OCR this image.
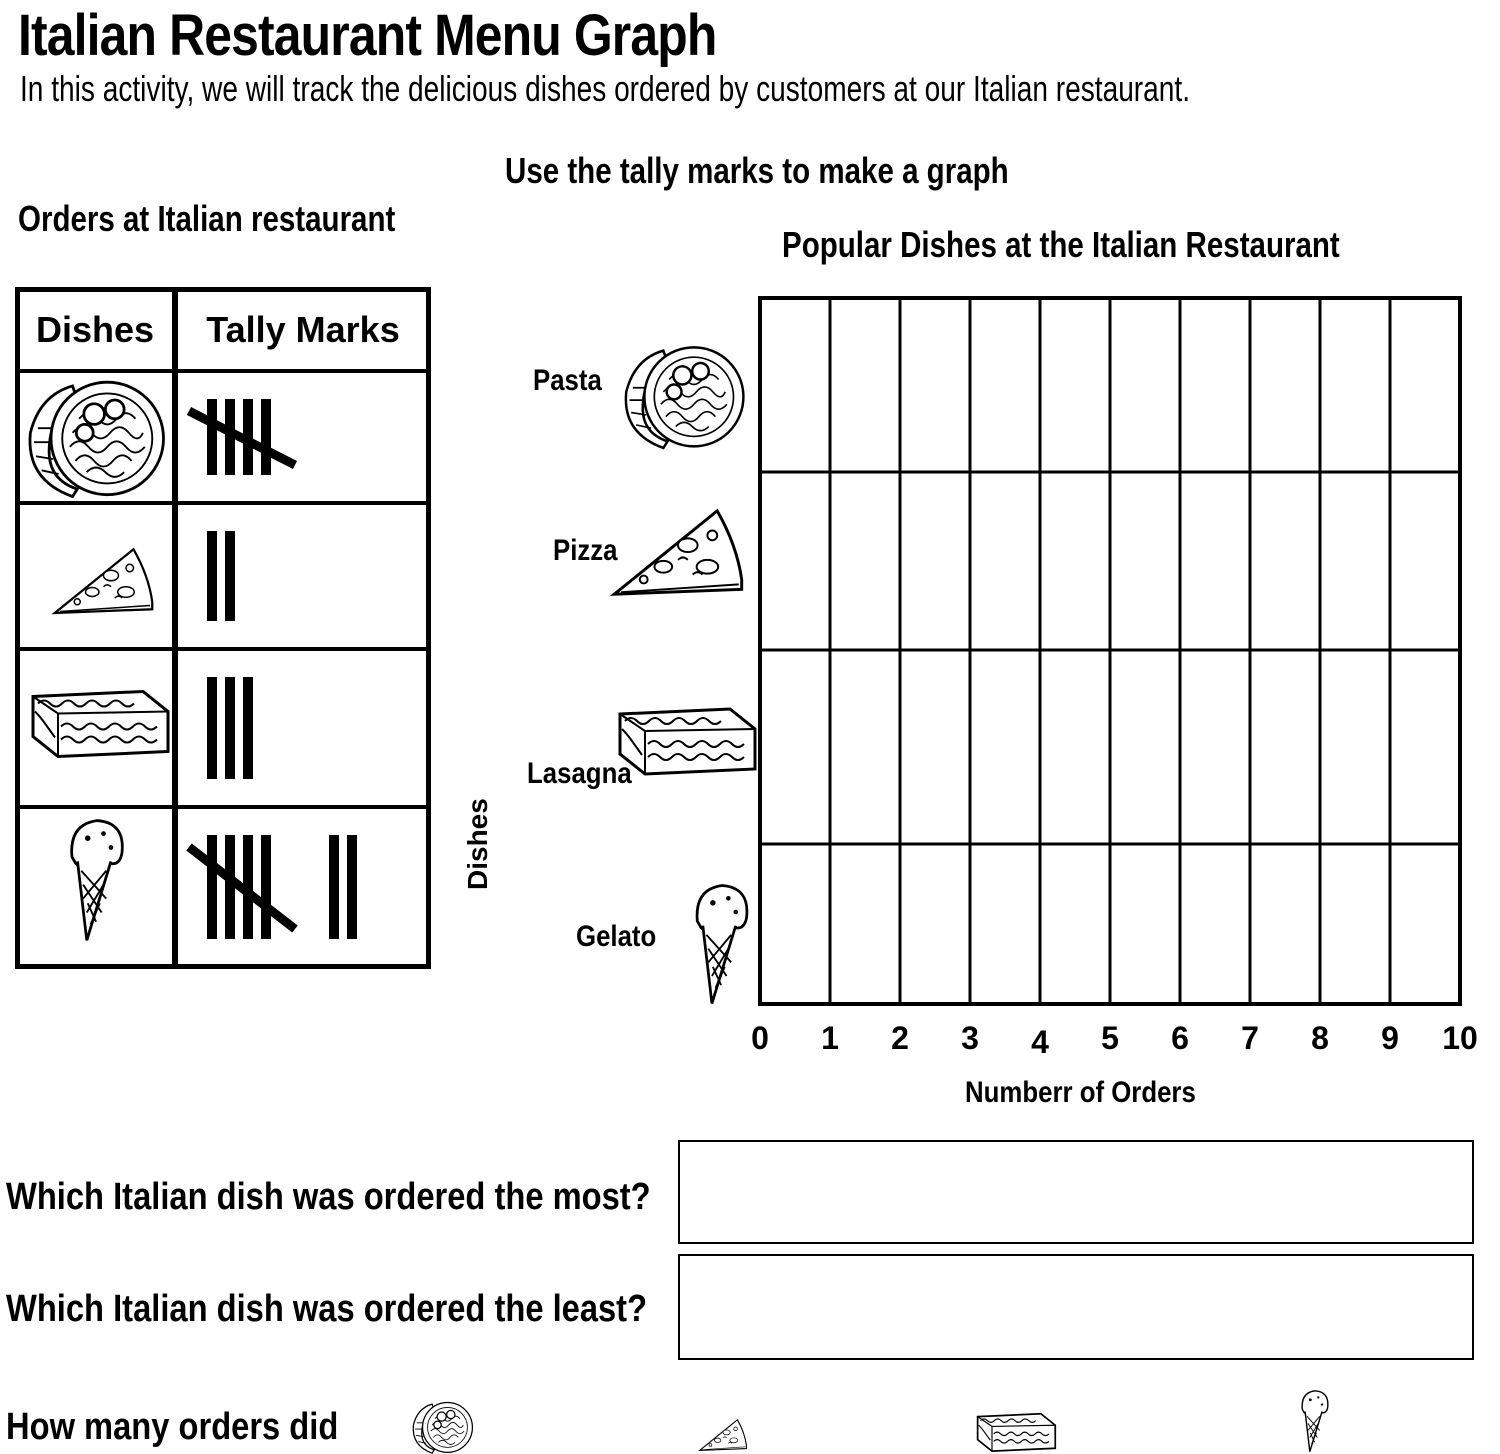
Italian Restaurant Menu Graph
In this activity, we will track the delicious dishes ordered by customers at our Italian restaurant.
Use the tally marks to make a graph
Orders at Italian restaurant
Popular Dishes at the Italian Restaurant
Dishes	Tally Marks
Pasta
Pizza
Lasagna
Gelato
Dishes
0	1	2	3	4	5	6	7	8	9	10
Numberr of Orders
Which Italian dish was ordered the most?
Which Italian dish was ordered the least?
How many orders did
